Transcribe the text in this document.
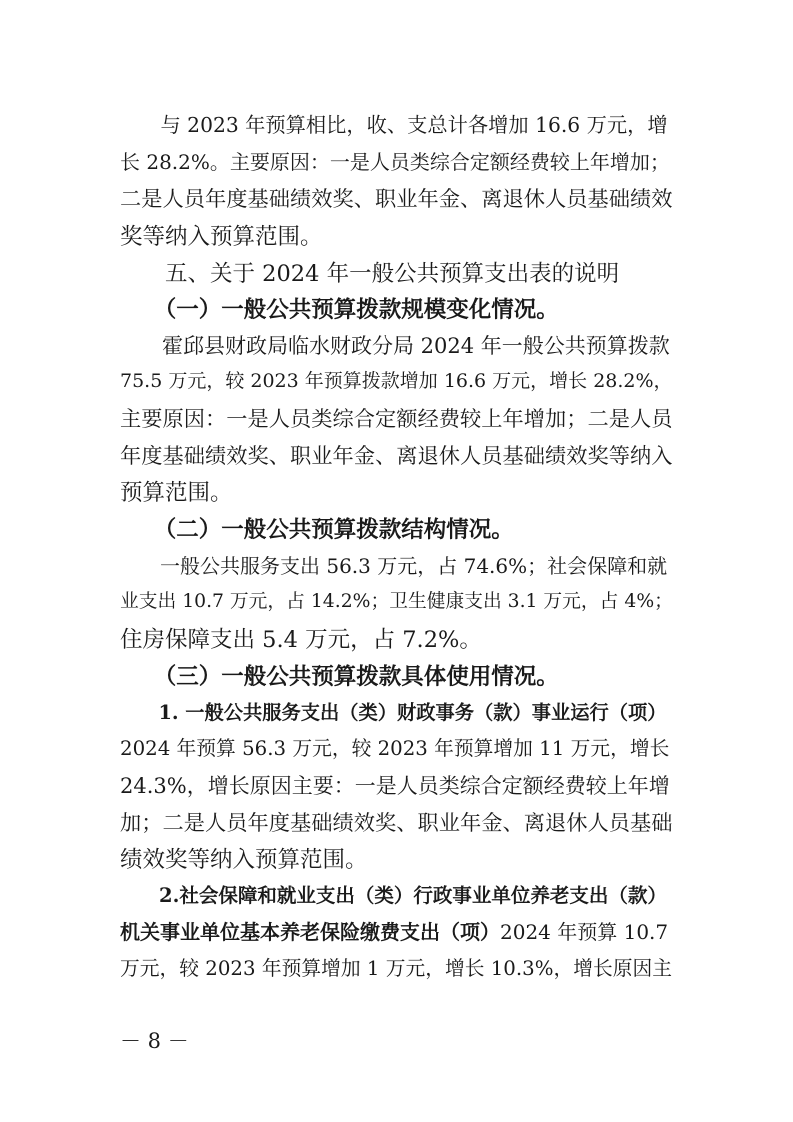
　　与 2023 年预算相比，收、支总计各增加 16.6 万元，增
长 28.2%。主要原因：一是人员类综合定额经费较上年增加；
二是人员年度基础绩效奖、职业年金、离退休人员基础绩效
奖等纳入预算范围。
　　五、关于 2024 年一般公共预算支出表的说明
　　（一）一般公共预算拨款规模变化情况。
　　霍邱县财政局临水财政分局 2024 年一般公共预算拨款
75.5 万元，较 2023 年预算拨款增加 16.6 万元，增长 28.2%，
主要原因：一是人员类综合定额经费较上年增加；二是人员
年度基础绩效奖、职业年金、离退休人员基础绩效奖等纳入
预算范围。
　　（二）一般公共预算拨款结构情况。
　　一般公共服务支出 56.3 万元，占 74.6%；社会保障和就
业支出 10.7 万元，占 14.2%；卫生健康支出 3.1 万元，占 4%；
住房保障支出 5.4 万元，占 7.2%。
　　（三）一般公共预算拨款具体使用情况。
　　1. 一般公共服务支出（类）财政事务（款）事业运行（项）
2024 年预算 56.3 万元，较 2023 年预算增加 11 万元，增长
24.3%，增长原因主要：一是人员类综合定额经费较上年增
加；二是人员年度基础绩效奖、职业年金、离退休人员基础
绩效奖等纳入预算范围。
　　2.社会保障和就业支出（类）行政事业单位养老支出（款）
机关事业单位基本养老保险缴费支出（项）2024 年预算 10.7
万元，较 2023 年预算增加 1 万元，增长 10.3%，增长原因主
－ 8 －
